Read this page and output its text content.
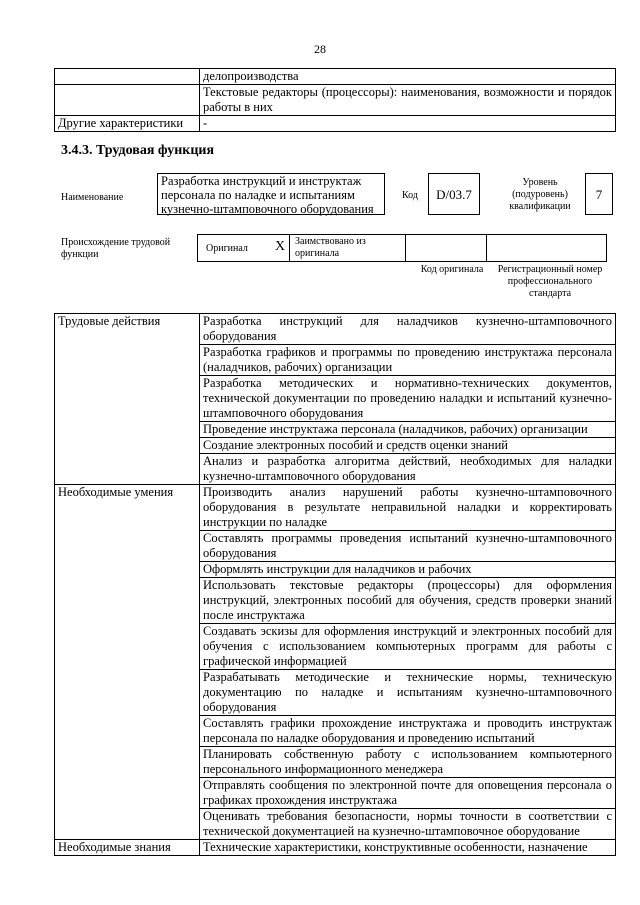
28
	делопроизводства
	Текстовые редакторы (процессоры): наименования, возможности и порядок работы в них
Другие характеристики	-
3.4.3. Трудовая функция
Наименование
Разработка инструкций и инструктаж персонала по наладке и испытаниям кузнечно-штамповочного оборудования
Код	D/03.7
Уровень (подуровень) квалификации
7
Происхождение трудовой функции
Оригинал X Заимствовано из оригинала
Код оригинала	Регистрационный номер профессионального стандарта
Трудовые действия	Разработка инструкций для наладчиков кузнечно-штамповочного оборудования
	Разработка графиков и программы по проведению инструктажа персонала (наладчиков, рабочих) организации
	Разработка методических и нормативно-технических документов, технической документации по проведению наладки и испытаний кузнечно-штамповочного оборудования
	Проведение инструктажа персонала (наладчиков, рабочих) организации
	Создание электронных пособий и средств оценки знаний
	Анализ и разработка алгоритма действий, необходимых для наладки кузнечно-штамповочного оборудования
Необходимые умения	Производить анализ нарушений работы кузнечно-штамповочного оборудования в результате неправильной наладки и корректировать инструкции по наладке
	Составлять программы проведения испытаний кузнечно-штамповочного оборудования
	Оформлять инструкции для наладчиков и рабочих
	Использовать текстовые редакторы (процессоры) для оформления инструкций, электронных пособий для обучения, средств проверки знаний после инструктажа
	Создавать эскизы для оформления инструкций и электронных пособий для обучения с использованием компьютерных программ для работы с графической информацией
	Разрабатывать методические и технические нормы, техническую документацию по наладке и испытаниям кузнечно-штамповочного оборудования
	Составлять графики прохождение инструктажа и проводить инструктаж персонала по наладке оборудования и проведению испытаний
	Планировать собственную работу с использованием компьютерного персонального информационного менеджера
	Отправлять сообщения по электронной почте для оповещения персонала о графиках прохождения инструктажа
	Оценивать требования безопасности, нормы точности в соответствии с технической документацией на кузнечно-штамповочное оборудование
Необходимые знания	Технические характеристики, конструктивные особенности, назначение
